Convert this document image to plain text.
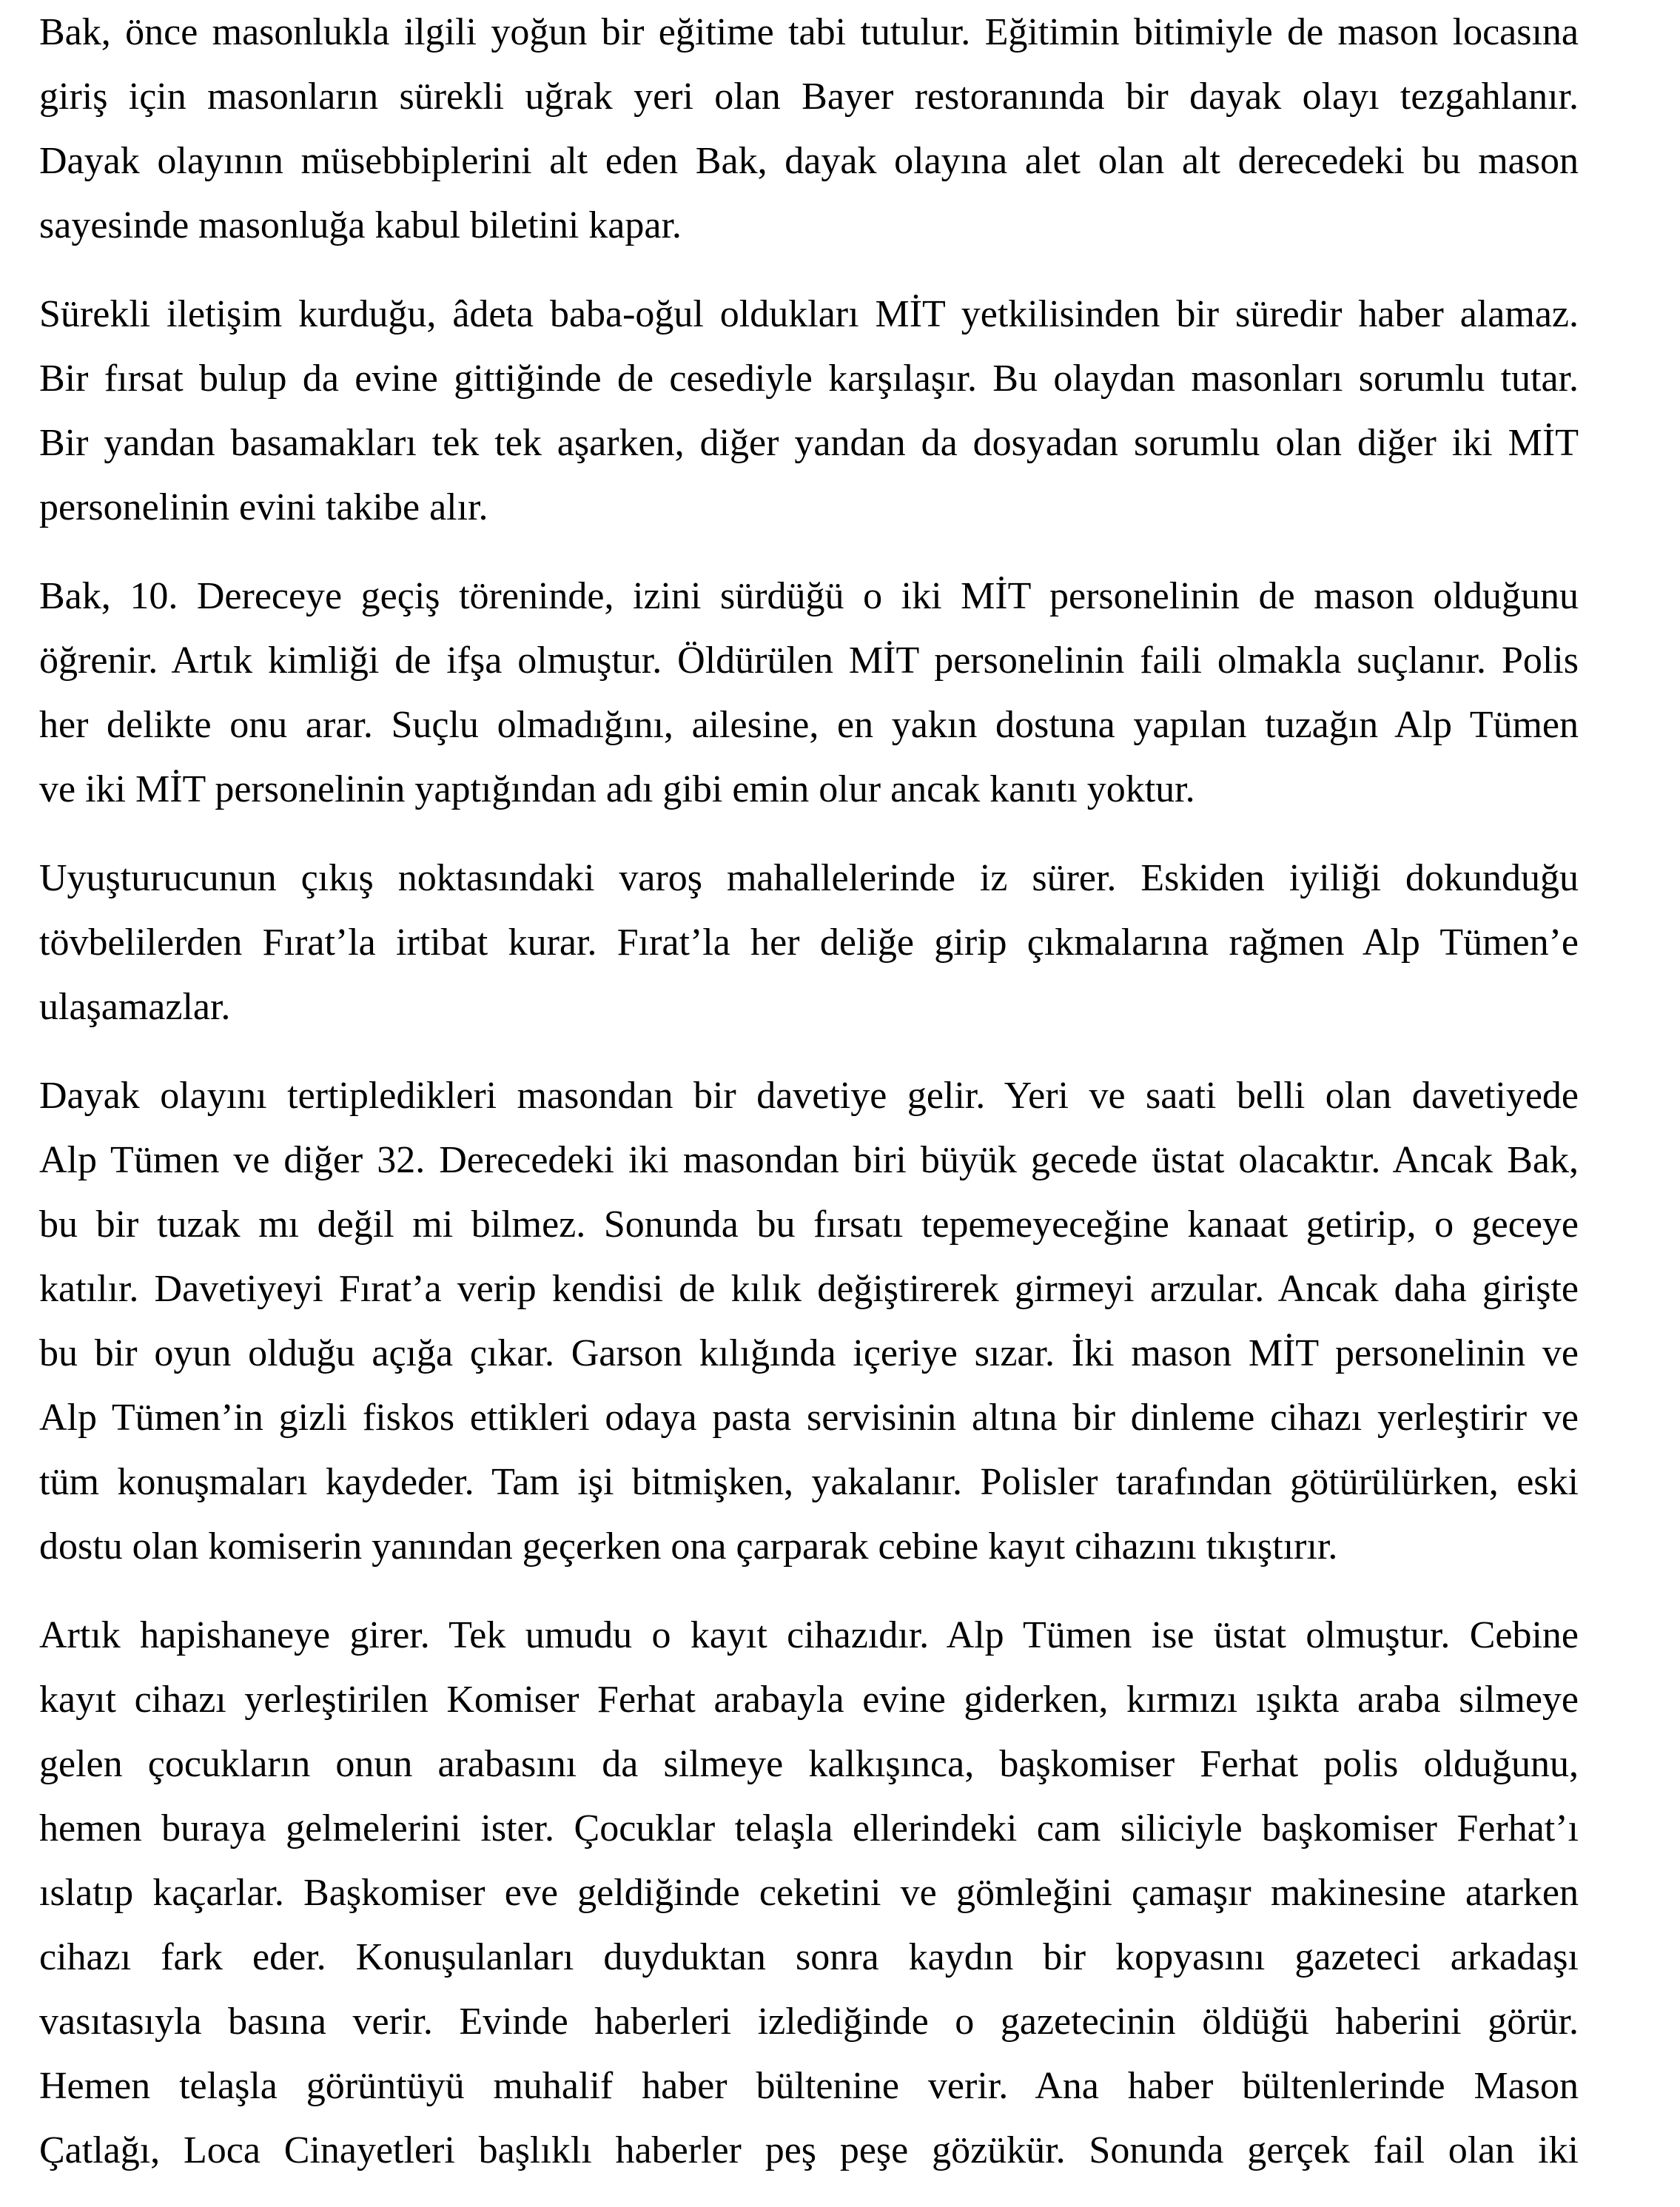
Bak, önce masonlukla ilgili yoğun bir eğitime tabi tutulur. Eğitimin bitimiyle de mason locasına
giriş için masonların sürekli uğrak yeri olan Bayer restoranında bir dayak olayı tezgahlanır.
Dayak olayının müsebbiplerini alt eden Bak, dayak olayına alet olan alt derecedeki bu mason
sayesinde masonluğa kabul biletini kapar.
Sürekli iletişim kurduğu, âdeta baba-oğul oldukları MİT yetkilisinden bir süredir haber alamaz.
Bir fırsat bulup da evine gittiğinde de cesediyle karşılaşır. Bu olaydan masonları sorumlu tutar.
Bir yandan basamakları tek tek aşarken, diğer yandan da dosyadan sorumlu olan diğer iki MİT
personelinin evini takibe alır.
Bak, 10. Dereceye geçiş töreninde, izini sürdüğü o iki MİT personelinin de mason olduğunu
öğrenir. Artık kimliği de ifşa olmuştur. Öldürülen MİT personelinin faili olmakla suçlanır. Polis
her delikte onu arar. Suçlu olmadığını, ailesine, en yakın dostuna yapılan tuzağın Alp Tümen
ve iki MİT personelinin yaptığından adı gibi emin olur ancak kanıtı yoktur.
Uyuşturucunun çıkış noktasındaki varoş mahallelerinde iz sürer. Eskiden iyiliği dokunduğu
tövbelilerden Fırat’la irtibat kurar. Fırat’la her deliğe girip çıkmalarına rağmen Alp Tümen’e
ulaşamazlar.
Dayak olayını tertipledikleri masondan bir davetiye gelir. Yeri ve saati belli olan davetiyede
Alp Tümen ve diğer 32. Derecedeki iki masondan biri büyük gecede üstat olacaktır. Ancak Bak,
bu bir tuzak mı değil mi bilmez. Sonunda bu fırsatı tepemeyeceğine kanaat getirip, o geceye
katılır. Davetiyeyi Fırat’a verip kendisi de kılık değiştirerek girmeyi arzular. Ancak daha girişte
bu bir oyun olduğu açığa çıkar. Garson kılığında içeriye sızar. İki mason MİT personelinin ve
Alp Tümen’in gizli fiskos ettikleri odaya pasta servisinin altına bir dinleme cihazı yerleştirir ve
tüm konuşmaları kaydeder. Tam işi bitmişken, yakalanır. Polisler tarafından götürülürken, eski
dostu olan komiserin yanından geçerken ona çarparak cebine kayıt cihazını tıkıştırır.
Artık hapishaneye girer. Tek umudu o kayıt cihazıdır. Alp Tümen ise üstat olmuştur. Cebine
kayıt cihazı yerleştirilen Komiser Ferhat arabayla evine giderken, kırmızı ışıkta araba silmeye
gelen çocukların onun arabasını da silmeye kalkışınca, başkomiser Ferhat polis olduğunu,
hemen buraya gelmelerini ister. Çocuklar telaşla ellerindeki cam siliciyle başkomiser Ferhat’ı
ıslatıp kaçarlar. Başkomiser eve geldiğinde ceketini ve gömleğini çamaşır makinesine atarken
cihazı fark eder. Konuşulanları duyduktan sonra kaydın bir kopyasını gazeteci arkadaşı
vasıtasıyla basına verir. Evinde haberleri izlediğinde o gazetecinin öldüğü haberini görür.
Hemen telaşla görüntüyü muhalif haber bültenine verir. Ana haber bültenlerinde Mason
Çatlağı, Loca Cinayetleri başlıklı haberler peş peşe gözükür. Sonunda gerçek fail olan iki
